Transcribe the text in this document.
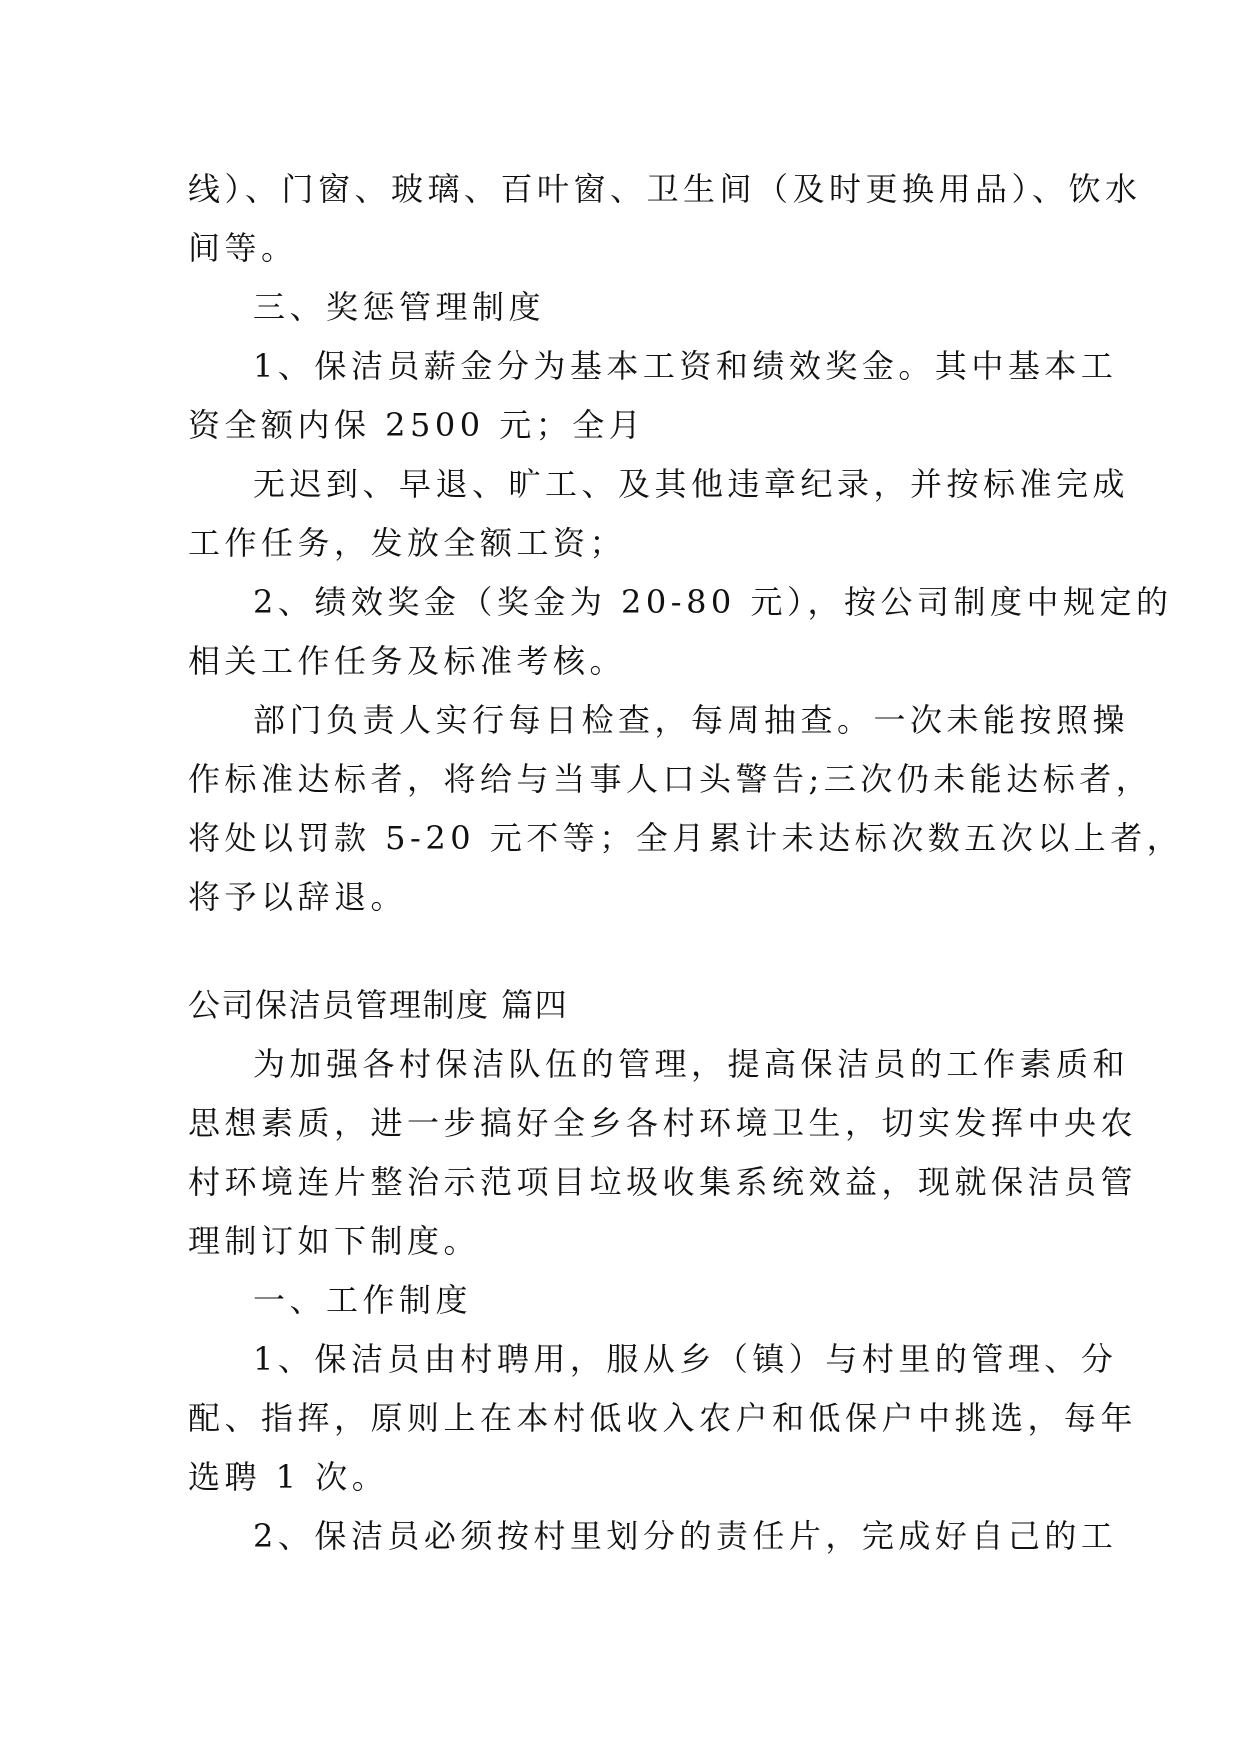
线）、门窗、玻璃、百叶窗、卫生间（及时更换用品）、饮水
间等。
三、奖惩管理制度
1、保洁员薪金分为基本工资和绩效奖金。其中基本工
资全额内保 2500 元；全月
无迟到、早退、旷工、及其他违章纪录，并按标准完成
工作任务，发放全额工资；
2、绩效奖金（奖金为 20-80 元），按公司制度中规定的
相关工作任务及标准考核。
部门负责人实行每日检查，每周抽查。一次未能按照操
作标准达标者，将给与当事人口头警告;三次仍未能达标者，
将处以罚款 5-20 元不等；全月累计未达标次数五次以上者，
将予以辞退。
公司保洁员管理制度 篇四
为加强各村保洁队伍的管理，提高保洁员的工作素质和
思想素质，进一步搞好全乡各村环境卫生，切实发挥中央农
村环境连片整治示范项目垃圾收集系统效益，现就保洁员管
理制订如下制度。
一、工作制度
1、保洁员由村聘用，服从乡（镇）与村里的管理、分
配、指挥，原则上在本村低收入农户和低保户中挑选，每年
选聘 1 次。
2、保洁员必须按村里划分的责任片，完成好自己的工
